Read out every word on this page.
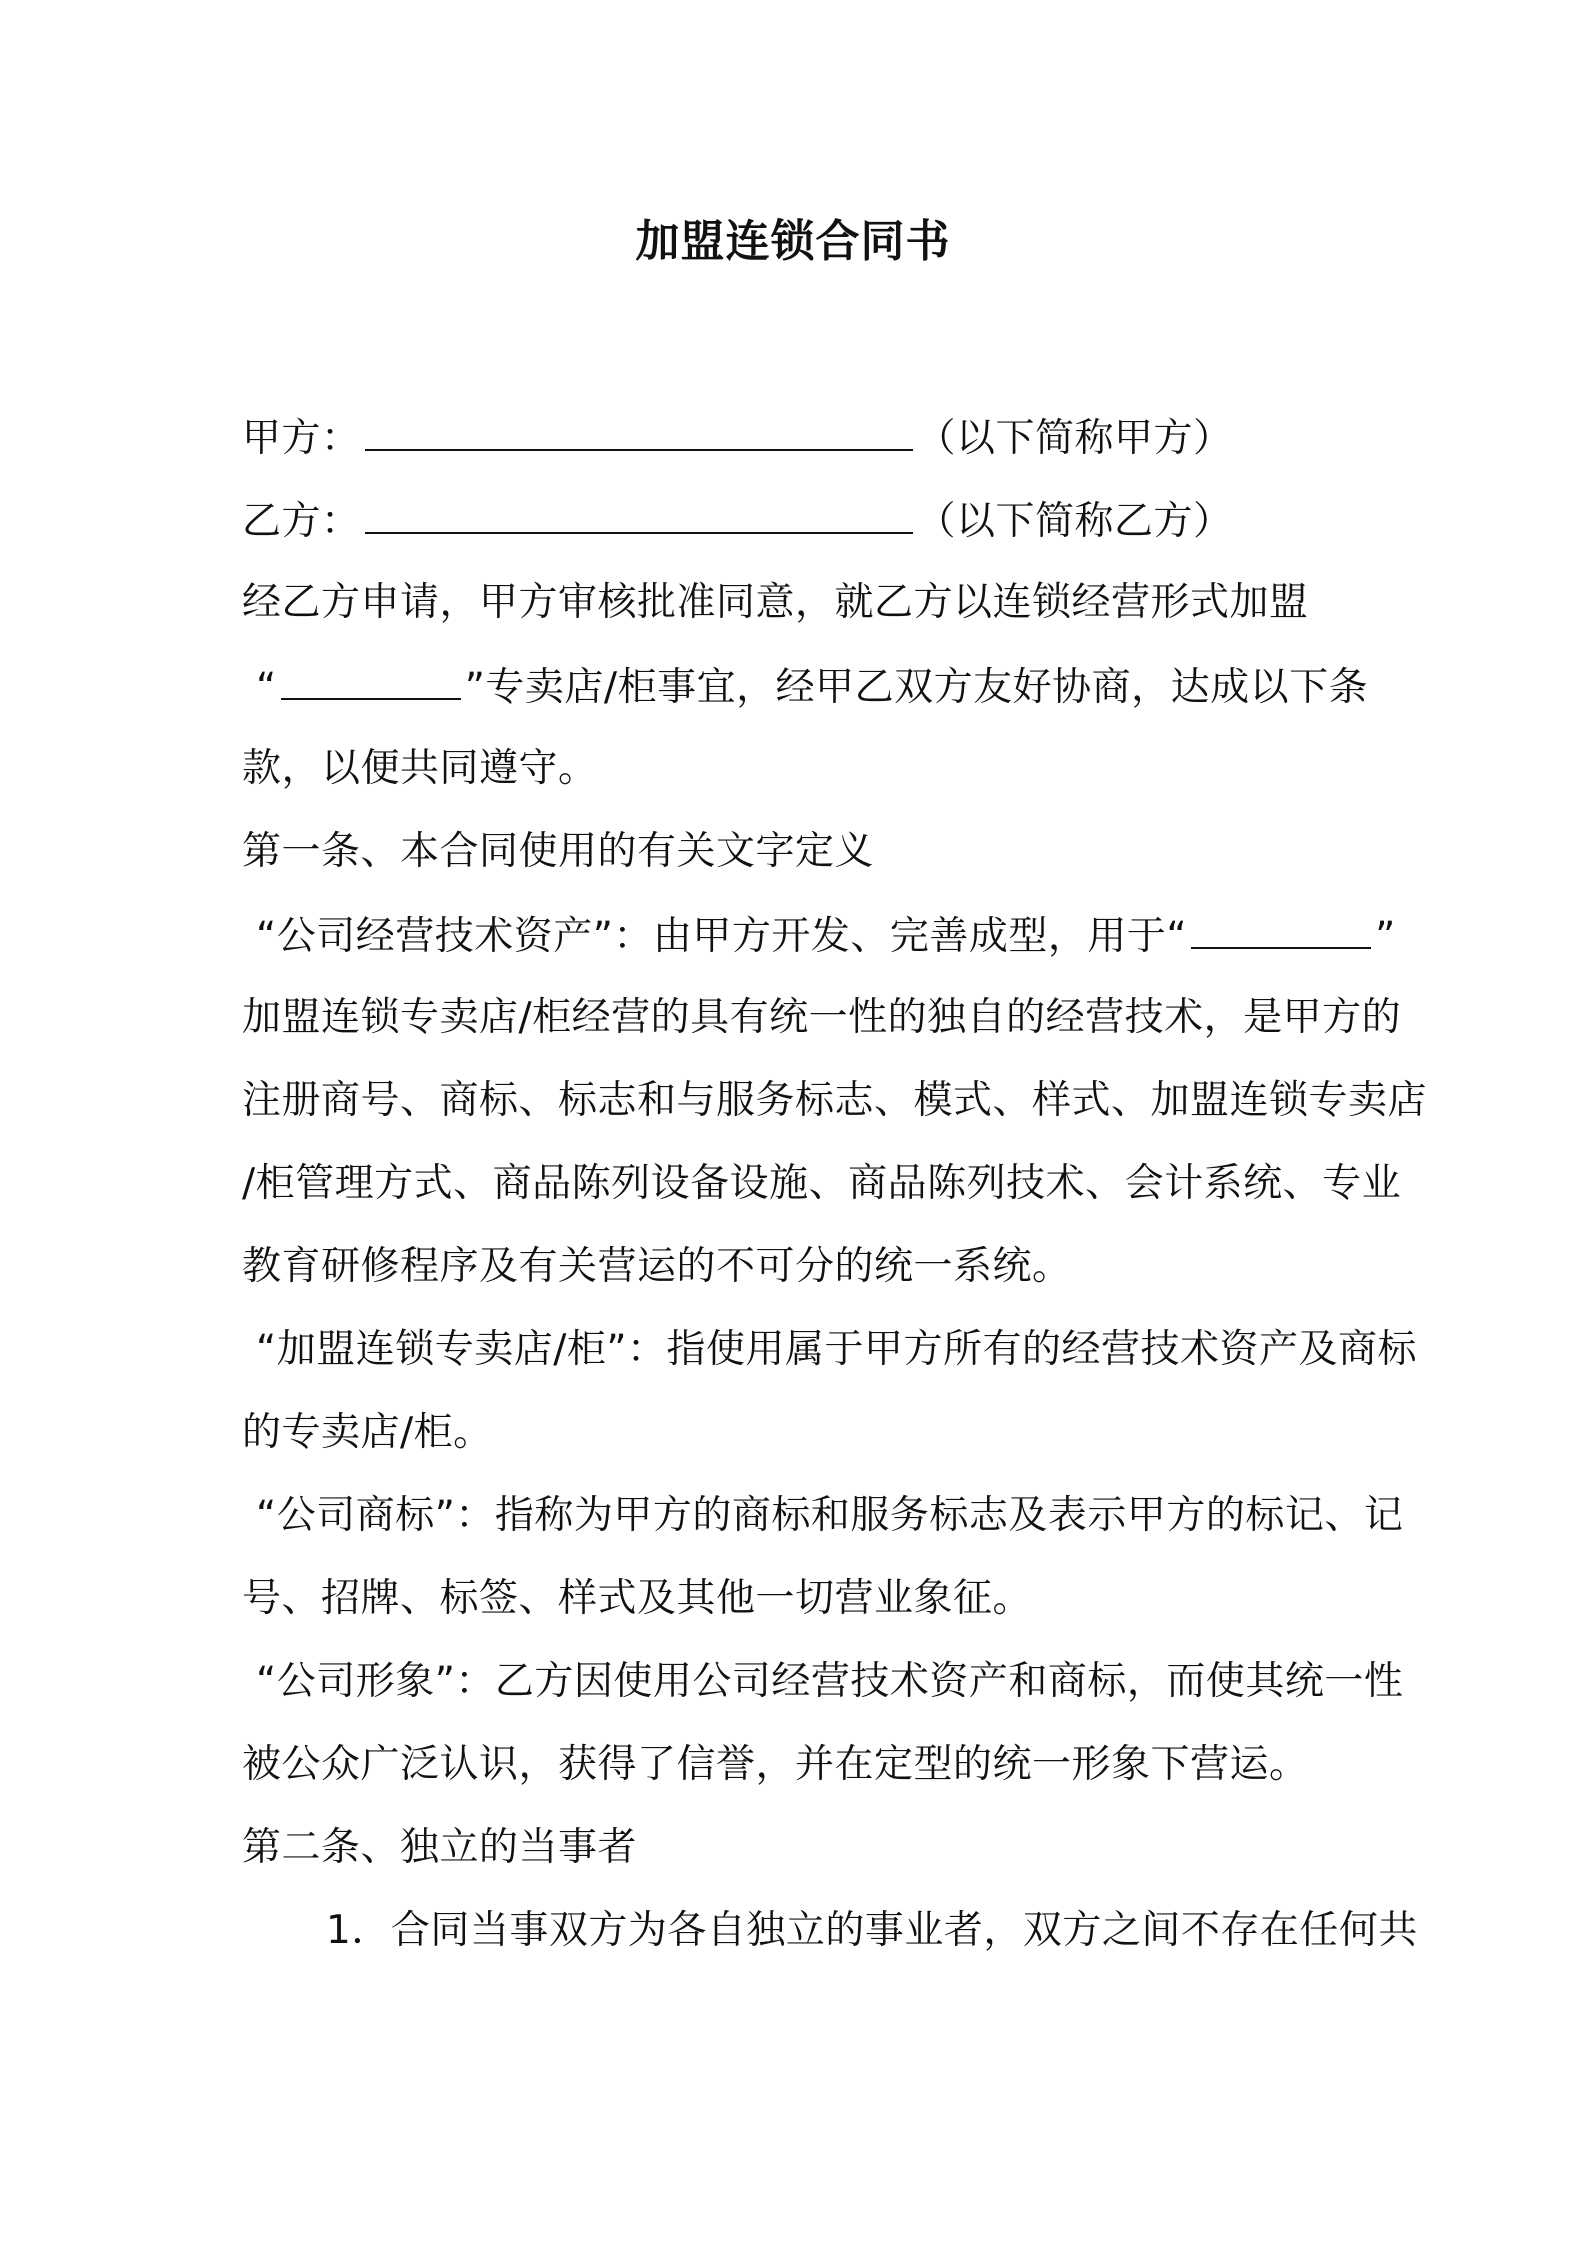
加盟连锁合同书
甲方：	（以下简称甲方）
乙方：	（以下简称乙方）
经乙方申请，甲方审核批准同意，就乙方以连锁经营形式加盟
“	”专卖店/柜事宜，经甲乙双方友好协商，达成以下条
款，以便共同遵守。
第一条、本合同使用的有关文字定义
“公司经营技术资产”：由甲方开发、完善成型，用于“	”
加盟连锁专卖店/柜经营的具有统一性的独自的经营技术，是甲方的
注册商号、商标、标志和与服务标志、模式、样式、加盟连锁专卖店
/柜管理方式、商品陈列设备设施、商品陈列技术、会计系统、专业
教育研修程序及有关营运的不可分的统一系统。
“加盟连锁专卖店/柜”：指使用属于甲方所有的经营技术资产及商标
的专卖店/柜。
“公司商标”：指称为甲方的商标和服务标志及表示甲方的标记、记
号、招牌、标签、样式及其他一切营业象征。
“公司形象”：乙方因使用公司经营技术资产和商标，而使其统一性
被公众广泛认识，获得了信誉，并在定型的统一形象下营运。
第二条、独立的当事者
1．合同当事双方为各自独立的事业者，双方之间不存在任何共
